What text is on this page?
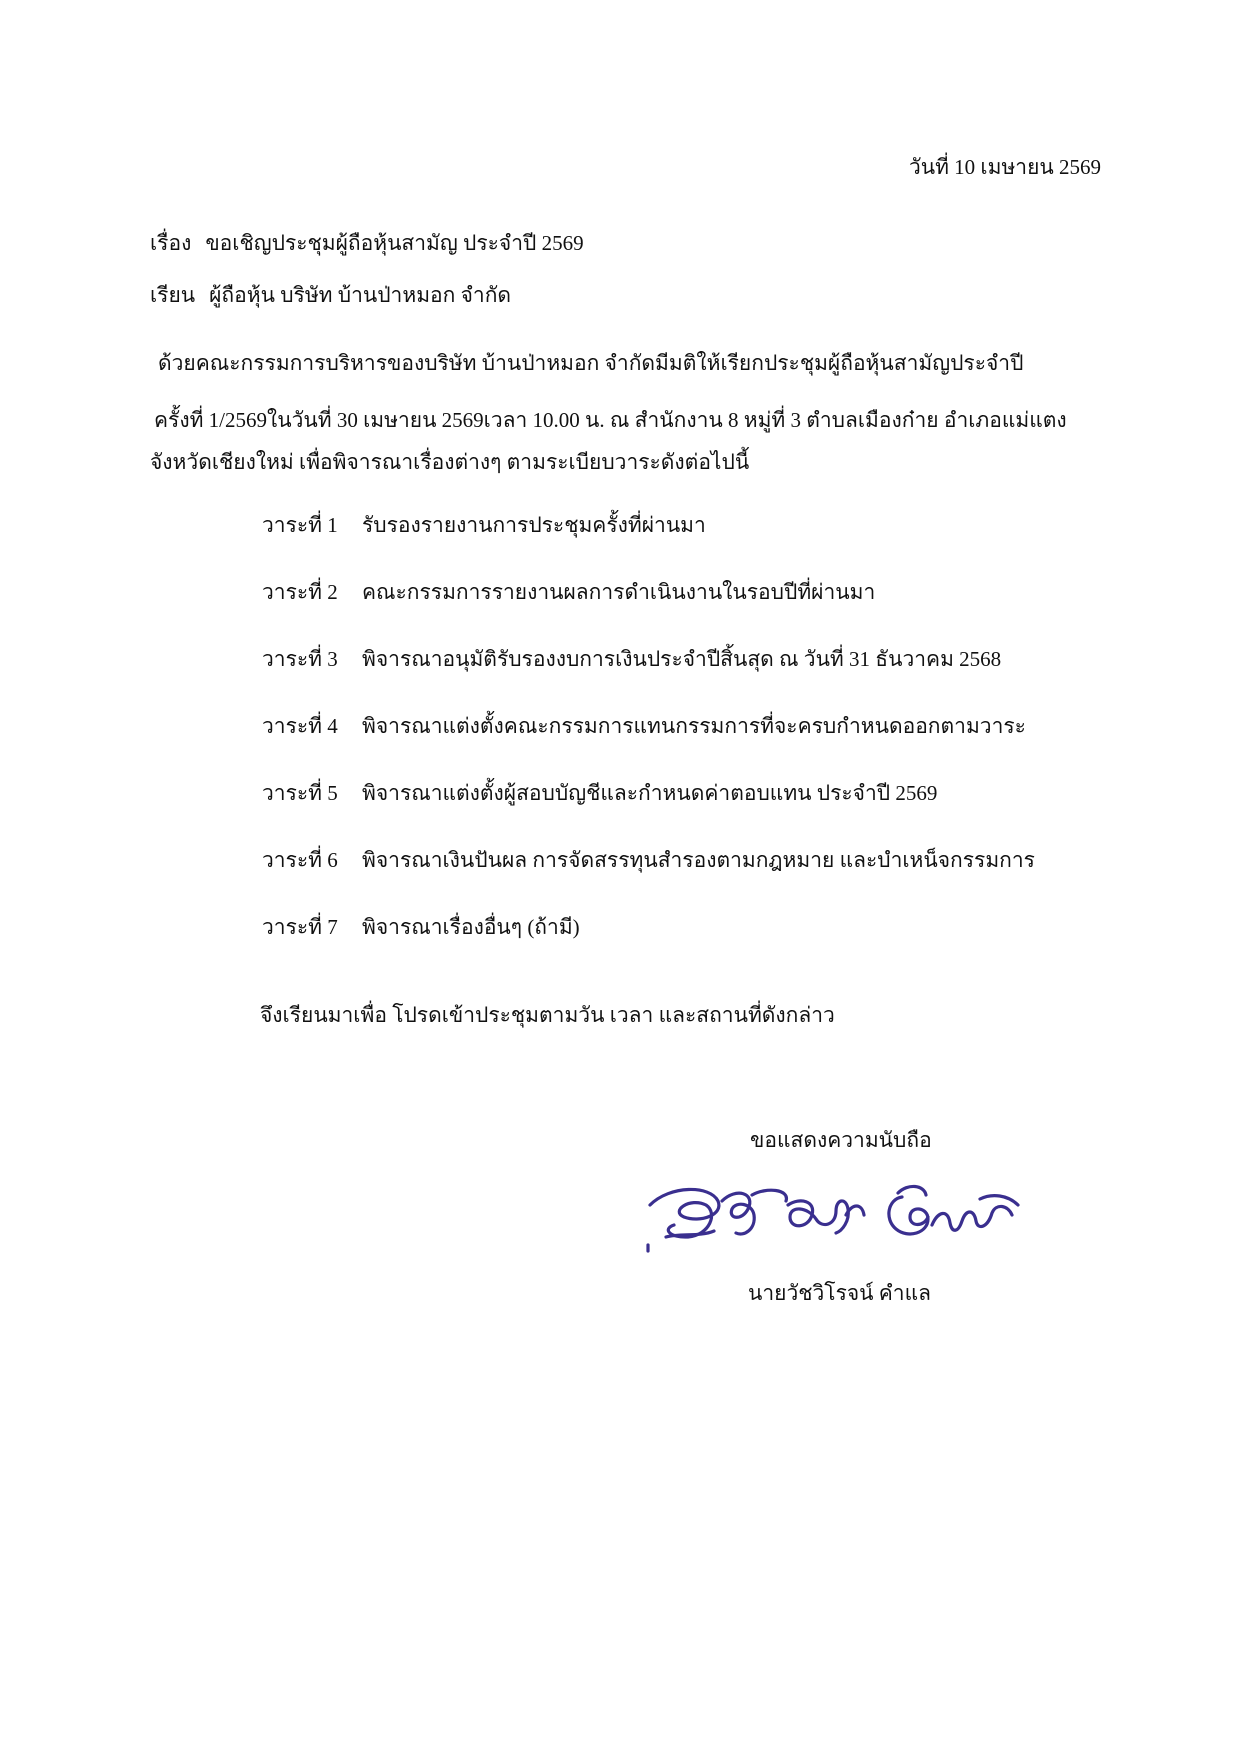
วันที่ 10 เมษายน 2569
เรื่อง ขอเชิญประชุมผู้ถือหุ้นสามัญ ประจำปี 2569
เรียน ผู้ถือหุ้น บริษัท บ้านป่าหมอก จำกัด
ด้วยคณะกรรมการบริหารของบริษัท บ้านป่าหมอก จำกัดมีมติให้เรียกประชุมผู้ถือหุ้นสามัญประจำปี
ครั้งที่ 1/2569ในวันที่ 30 เมษายน 2569เวลา 10.00 น. ณ สำนักงาน 8 หมู่ที่ 3 ตำบลเมืองก๋าย อำเภอแม่แตง
จังหวัดเชียงใหม่ เพื่อพิจารณาเรื่องต่างๆ ตามระเบียบวาระดังต่อไปนี้
วาระที่ 1	รับรองรายงานการประชุมครั้งที่ผ่านมา
วาระที่ 2	คณะกรรมการรายงานผลการดำเนินงานในรอบปีที่ผ่านมา
วาระที่ 3	พิจารณาอนุมัติรับรองงบการเงินประจำปีสิ้นสุด ณ วันที่ 31 ธันวาคม 2568
วาระที่ 4	พิจารณาแต่งตั้งคณะกรรมการแทนกรรมการที่จะครบกำหนดออกตามวาระ
วาระที่ 5	พิจารณาแต่งตั้งผู้สอบบัญชีและกำหนดค่าตอบแทน ประจำปี 2569
วาระที่ 6	พิจารณาเงินปันผล การจัดสรรทุนสำรองตามกฎหมาย และบำเหน็จกรรมการ
วาระที่ 7	พิจารณาเรื่องอื่นๆ (ถ้ามี)
จึงเรียนมาเพื่อ โปรดเข้าประชุมตามวัน เวลา และสถานที่ดังกล่าว
ขอแสดงความนับถือ
นายวัชวิโรจน์ คำแล
